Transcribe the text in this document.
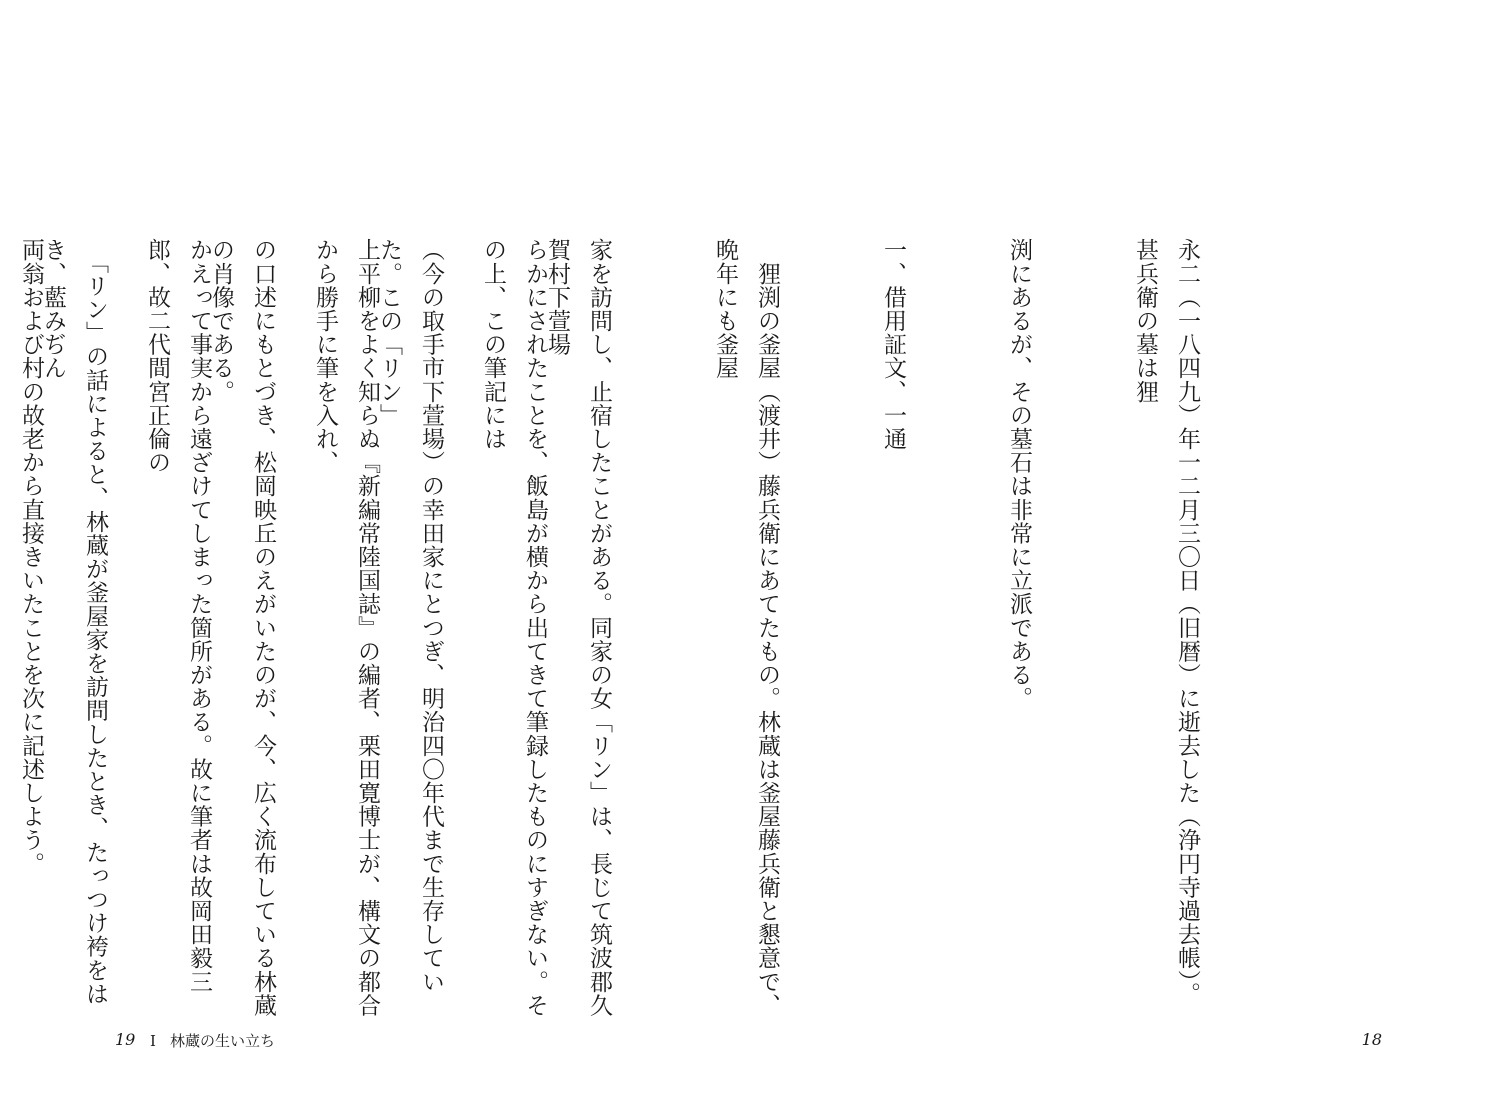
永二（一八四九）年一二月三〇日（旧暦）に逝去した（浄円寺過去帳）。甚兵衛の墓は狸

渕にあるが、その墓石は非常に立派である。

一、借用証文、一通

　狸渕の釜屋（渡井）藤兵衛にあてたもの。林蔵は釜屋藤兵衛と懇意で、晩年にも釜屋

家を訪問し、止宿したことがある。同家の女「リン」は、長じて筑波郡久賀村下萱場

（今の取手市下萱場）の幸田家にとつぎ、明治四〇年代まで生存していた。この「リン」

の口述にもとづき、松岡映丘のえがいたのが、今、広く流布している林蔵の肖像である。

　「リン」の話によると、林蔵が釜屋家を訪問したとき、たっつけ袴をはき、藍みぢん

18

らかにされたことを、飯島が横から出てきて筆録したものにすぎない。その上、この筆記には

上平柳をよく知らぬ『新編常陸国誌』の編者、栗田寛博士が、構文の都合から勝手に筆を入れ、

かえって事実から遠ざけてしまった箇所がある。故に筆者は故岡田毅三郎、故二代間宮正倫の

両翁および村の故老から直接きいたことを次に記述しよう。

19 Ⅰ 林蔵の生い立ち
